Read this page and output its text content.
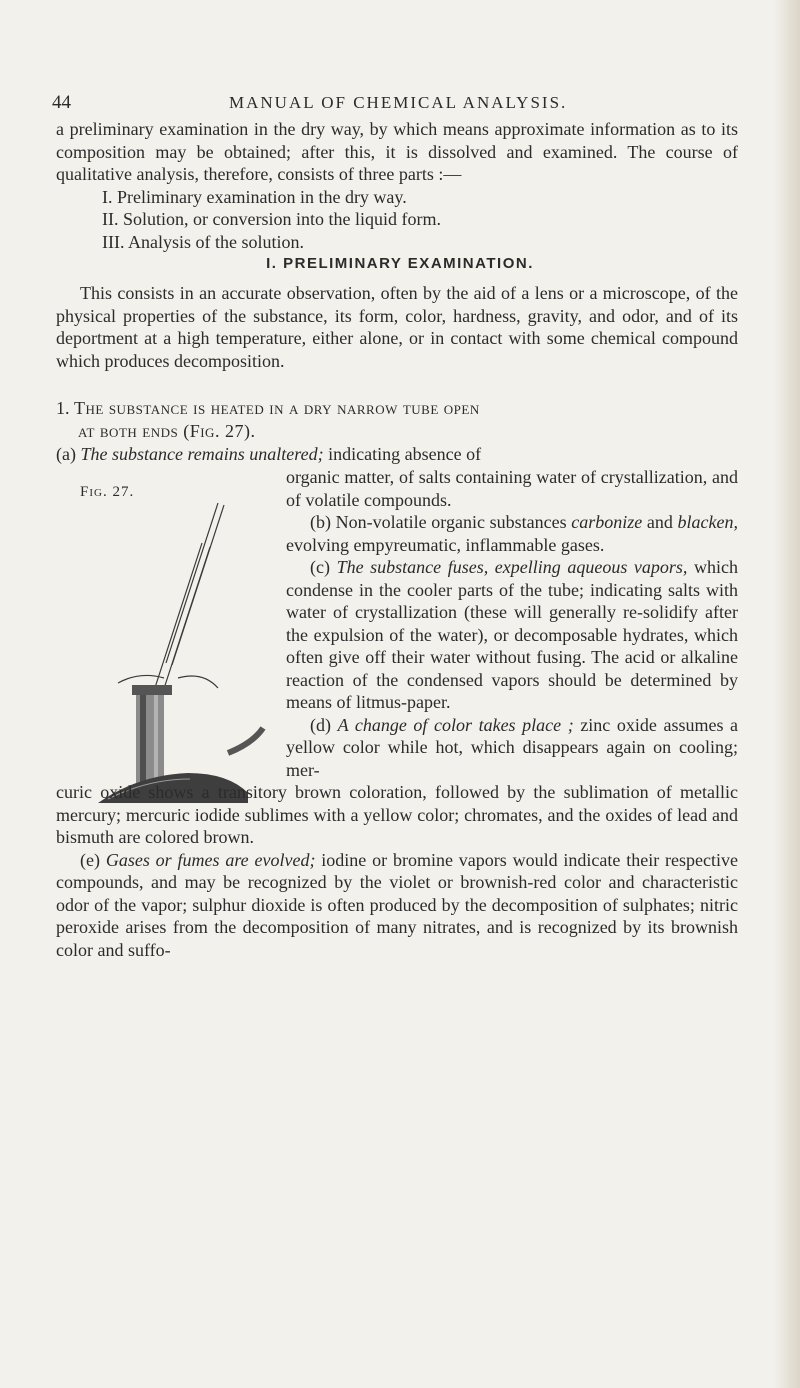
44	MANUAL OF CHEMICAL ANALYSIS.
a preliminary examination in the dry way, by which means approximate information as to its composition may be obtained; after this, it is dissolved and examined. The course of qualitative analysis, therefore, consists of three parts :—
I. Preliminary examination in the dry way.
II. Solution, or conversion into the liquid form.
III. Analysis of the solution.
I. PRELIMINARY EXAMINATION.
This consists in an accurate observation, often by the aid of a lens or a microscope, of the physical properties of the substance, its form, color, hardness, gravity, and odor, and of its deportment at a high temperature, either alone, or in contact with some chemical compound which produces decomposition.
1. The substance is heated in a dry narrow tube open
at both ends (Fig. 27).
(a) The substance remains unaltered; indicating absence of
Fig. 27.

organic matter, of salts containing water of crystallization, and of volatile compounds.

(b) Non-volatile organic substances carbonize and blacken, evolving empyreumatic, inflammable gases.

(c) The substance fuses, expelling aqueous vapors, which condense in the cooler parts of the tube; indicating salts with water of crystallization (these will generally re-solidify after the expulsion of the water), or decomposable hydrates, which often give off their water without fusing. The acid or alkaline reaction of the condensed vapors should be determined by means of litmus-paper.

(d) A change of color takes place ; zinc oxide assumes a yellow color while hot, which disappears again on cooling; mer-

curic oxide shows a transitory brown coloration, followed by the sublimation of metallic mercury; mercuric iodide sublimes with a yellow color; chromates, and the oxides of lead and bismuth are colored brown.

(e) Gases or fumes are evolved; iodine or bromine vapors would indicate their respective compounds, and may be recognized by the violet or brownish-red color and characteristic odor of the vapor; sulphur dioxide is often produced by the decomposition of sulphates; nitric peroxide arises from the decomposition of many nitrates, and is recognized by its brownish color and suffo-
